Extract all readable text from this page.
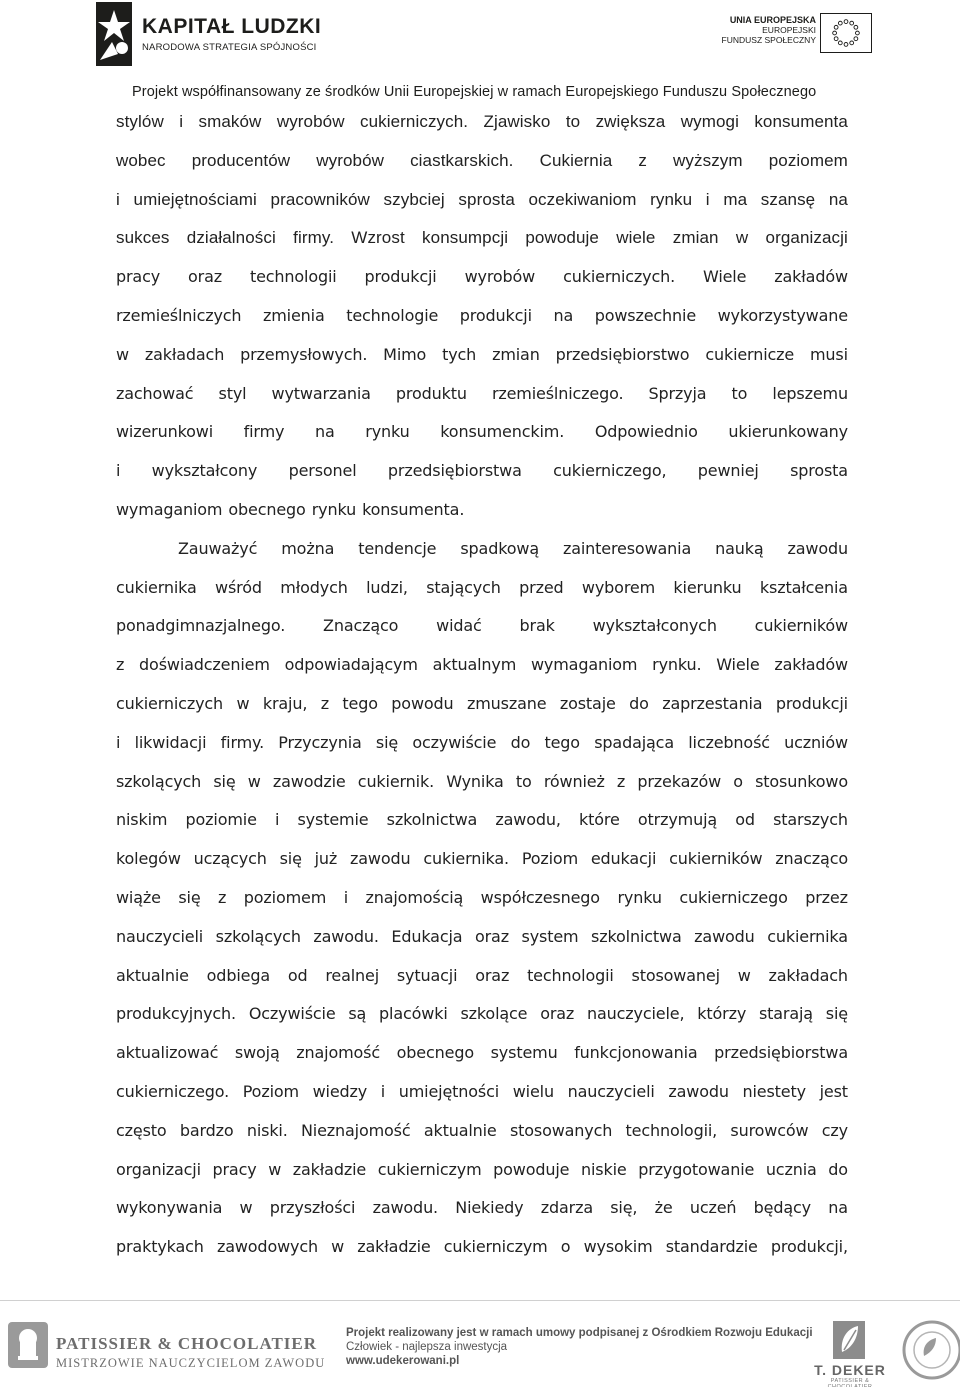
KAPITAŁ LUDZKI
NARODOWA STRATEGIA SPÓJNOŚCI
UNIA EUROPEJSKA
EUROPEJSKI
FUNDUSZ SPOŁECZNY
Projekt współfinansowany ze środków Unii Europejskiej w ramach Europejskiego Funduszu Społecznego
stylów i smaków wyrobów cukierniczych. Zjawisko to zwiększa wymogi konsumenta
wobec producentów wyrobów ciastkarskich. Cukiernia z wyższym poziomem
i umiejętnościami pracowników szybciej sprosta oczekiwaniom rynku i ma szansę na
sukces działalności firmy. Wzrost konsumpcji powoduje wiele zmian w organizacji
pracy oraz technologii produkcji wyrobów cukierniczych. Wiele zakładów
rzemieślniczych zmienia technologie produkcji na powszechnie wykorzystywane
w zakładach przemysłowych. Mimo tych zmian przedsiębiorstwo cukiernicze musi
zachować styl wytwarzania produktu rzemieślniczego. Sprzyja to lepszemu
wizerunkowi firmy na rynku konsumenckim. Odpowiednio ukierunkowany
i wykształcony personel przedsiębiorstwa cukierniczego, pewniej sprosta
wymaganiom obecnego rynku konsumenta.
Zauważyć można tendencje spadkową zainteresowania nauką zawodu
cukiernika wśród młodych ludzi, stających przed wyborem kierunku kształcenia
ponadgimnazjalnego. Znacząco widać brak wykształconych cukierników
z doświadczeniem odpowiadającym aktualnym wymaganiom rynku. Wiele zakładów
cukierniczych w kraju, z tego powodu zmuszane zostaje do zaprzestania produkcji
i likwidacji firmy. Przyczynia się oczywiście do tego spadająca liczebność uczniów
szkolących się w zawodzie cukiernik. Wynika to również z przekazów o stosunkowo
niskim poziomie i systemie szkolnictwa zawodu, które otrzymują od starszych
kolegów uczących się już zawodu cukiernika. Poziom edukacji cukierników znacząco
wiąże się z poziomem i znajomością współczesnego rynku cukierniczego przez
nauczycieli szkolących zawodu. Edukacja oraz system szkolnictwa zawodu cukiernika
aktualnie odbiega od realnej sytuacji oraz technologii stosowanej w zakładach
produkcyjnych. Oczywiście są placówki szkolące oraz nauczyciele, którzy starają się
aktualizować swoją znajomość obecnego systemu funkcjonowania przedsiębiorstwa
cukierniczego. Poziom wiedzy i umiejętności wielu nauczycieli zawodu niestety jest
często bardzo niski. Nieznajomość aktualnie stosowanych technologii, surowców czy
organizacji pracy w zakładzie cukierniczym powoduje niskie przygotowanie ucznia do
wykonywania w przyszłości zawodu. Niekiedy zdarza się, że uczeń będący na
praktykach zawodowych w zakładzie cukierniczym o wysokim standardzie produkcji,
PATISSIER & CHOCOLATIER
MISTRZOWIE NAUCZYCIELOM ZAWODU
Projekt realizowany jest w ramach umowy podpisanej z Ośrodkiem Rozwoju Edukacji
Człowiek - najlepsza inwestycja
www.udekerowani.pl
T. DEKER
PATISSIER & CHOCOLATIER
